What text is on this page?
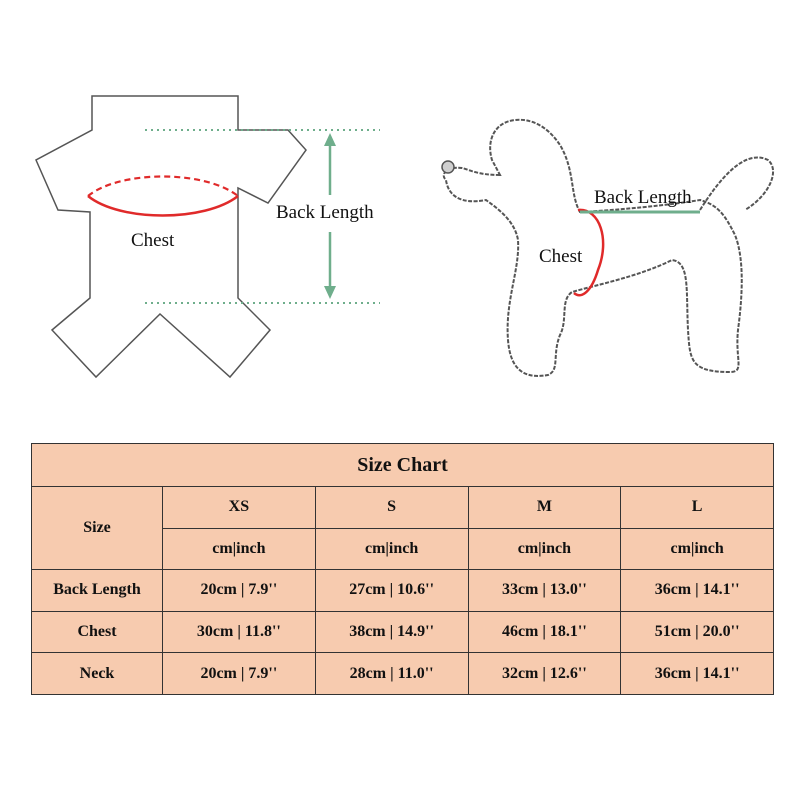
Back Length
Chest
Back Length
Chest
Size Chart				
Size	XS	S	M	L
	cm|inch	cm|inch	cm|inch	cm|inch
Back Length	20cm | 7.9''	27cm | 10.6''	33cm | 13.0''	36cm | 14.1''
Chest	30cm | 11.8''	38cm | 14.9''	46cm | 18.1''	51cm | 20.0''
Neck	20cm | 7.9''	28cm | 11.0''	32cm | 12.6''	36cm | 14.1''
